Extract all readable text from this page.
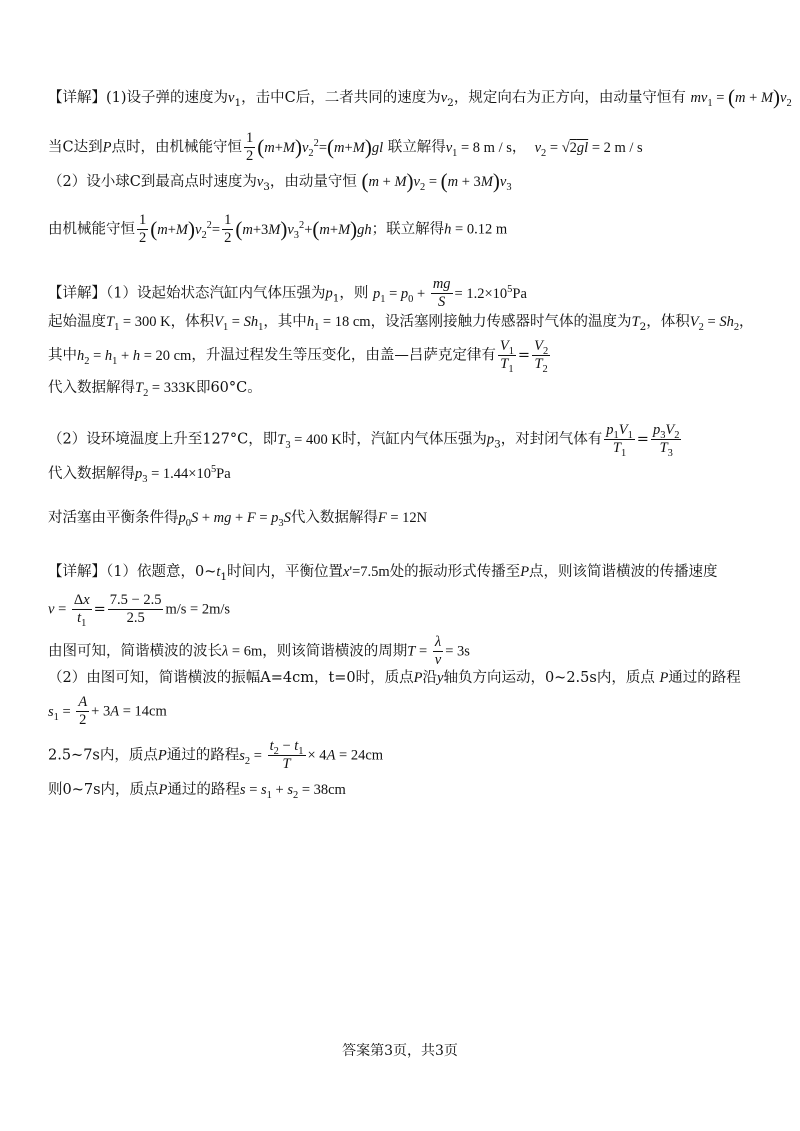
【详解】(1)设子弹的速度为$v_1$，击中C后，二者共同的速度为$v_2$，规定向右为正方向，由动量守恒有 $mv_1 = (m + M)v_2$
当C达到P点时，由机械能守恒 $\frac{1}{2} (m+M)v_2^2=(m+M)gl$ 联立解得$v_1 = 8$ m / s， $v_2 = √2gl = 2$ m / s
（2）设小球C到最高点时速度为$v_3$，由动量守恒 $(m + M)v_2 = (m + 3M)v_3$
由机械能守恒 $\frac{1}{2} (m+M)v_2^2= \frac{1}{2} (m+3M)v_3^2+(m+M)gh$；联立解得h = 0.12 m
【详解】（1）设起始状态汽缸内气体压强为$p_1$，则 $p_1 = p_0 + \frac{mg}{S} = 1.2\times 10^5Pa$
起始温度$T_1 = 300$ K，体积$V_1 = Sh_1$，其中$h_1 = 18$ cm，设活塞刚接触力传感器时气体的温度为$T_2$，体积$V_2 = Sh_2$，
其中$h_2 = h_1 + h = 20$ cm，升温过程发生等压变化，由盖—吕萨克定律有 $\frac{V_1}{T_1} = \frac{V_2}{T_2}$
代入数据解得$T_2 = 333K$即60°C。
（2）设环境温度上升至127°C，即$T_3 = 400$ K时，汽缸内气体压强为$p_3$，对封闭气体有 $\frac{p_1V_1}{T_1} = \frac{p_3V_2}{T_3}$
代入数据解得$p_3 = 1.44\times 10^5Pa$
对活塞由平衡条件得$p_0S$ + mg + $F = p_3S$代入数据解得F = 12N
【详解】（1）依题意，$0\sim t_1$时间内，平衡位置x'=7.5m处的振动形式传播至P点，则该简谐横波的传播速度
$v = \frac{\Delta x}{t_1} = \frac{7.5 - 2.5}{2.5} m/s = 2m/s$
由图可知，简谐横波的波长λ = 6m，则该简谐横波的周期$T = \frac{\lambda}{v} = 3s$
（2）由图可知，简谐横波的振幅A=4cm，t=0时，质点P沿y轴负方向运动，0~2.5s内，质点 P通过的路程
$s_1 = \frac{A}{2} + 3A = 14cm$
2.5~7s内，质点P通过的路程$s_2 = \frac{t_2 - t_1}{T} \times 4A = 24cm$
则0~7s内，质点P通过的路程$s = s_1 + s_2 = 38cm$
答案第3页，共3页
